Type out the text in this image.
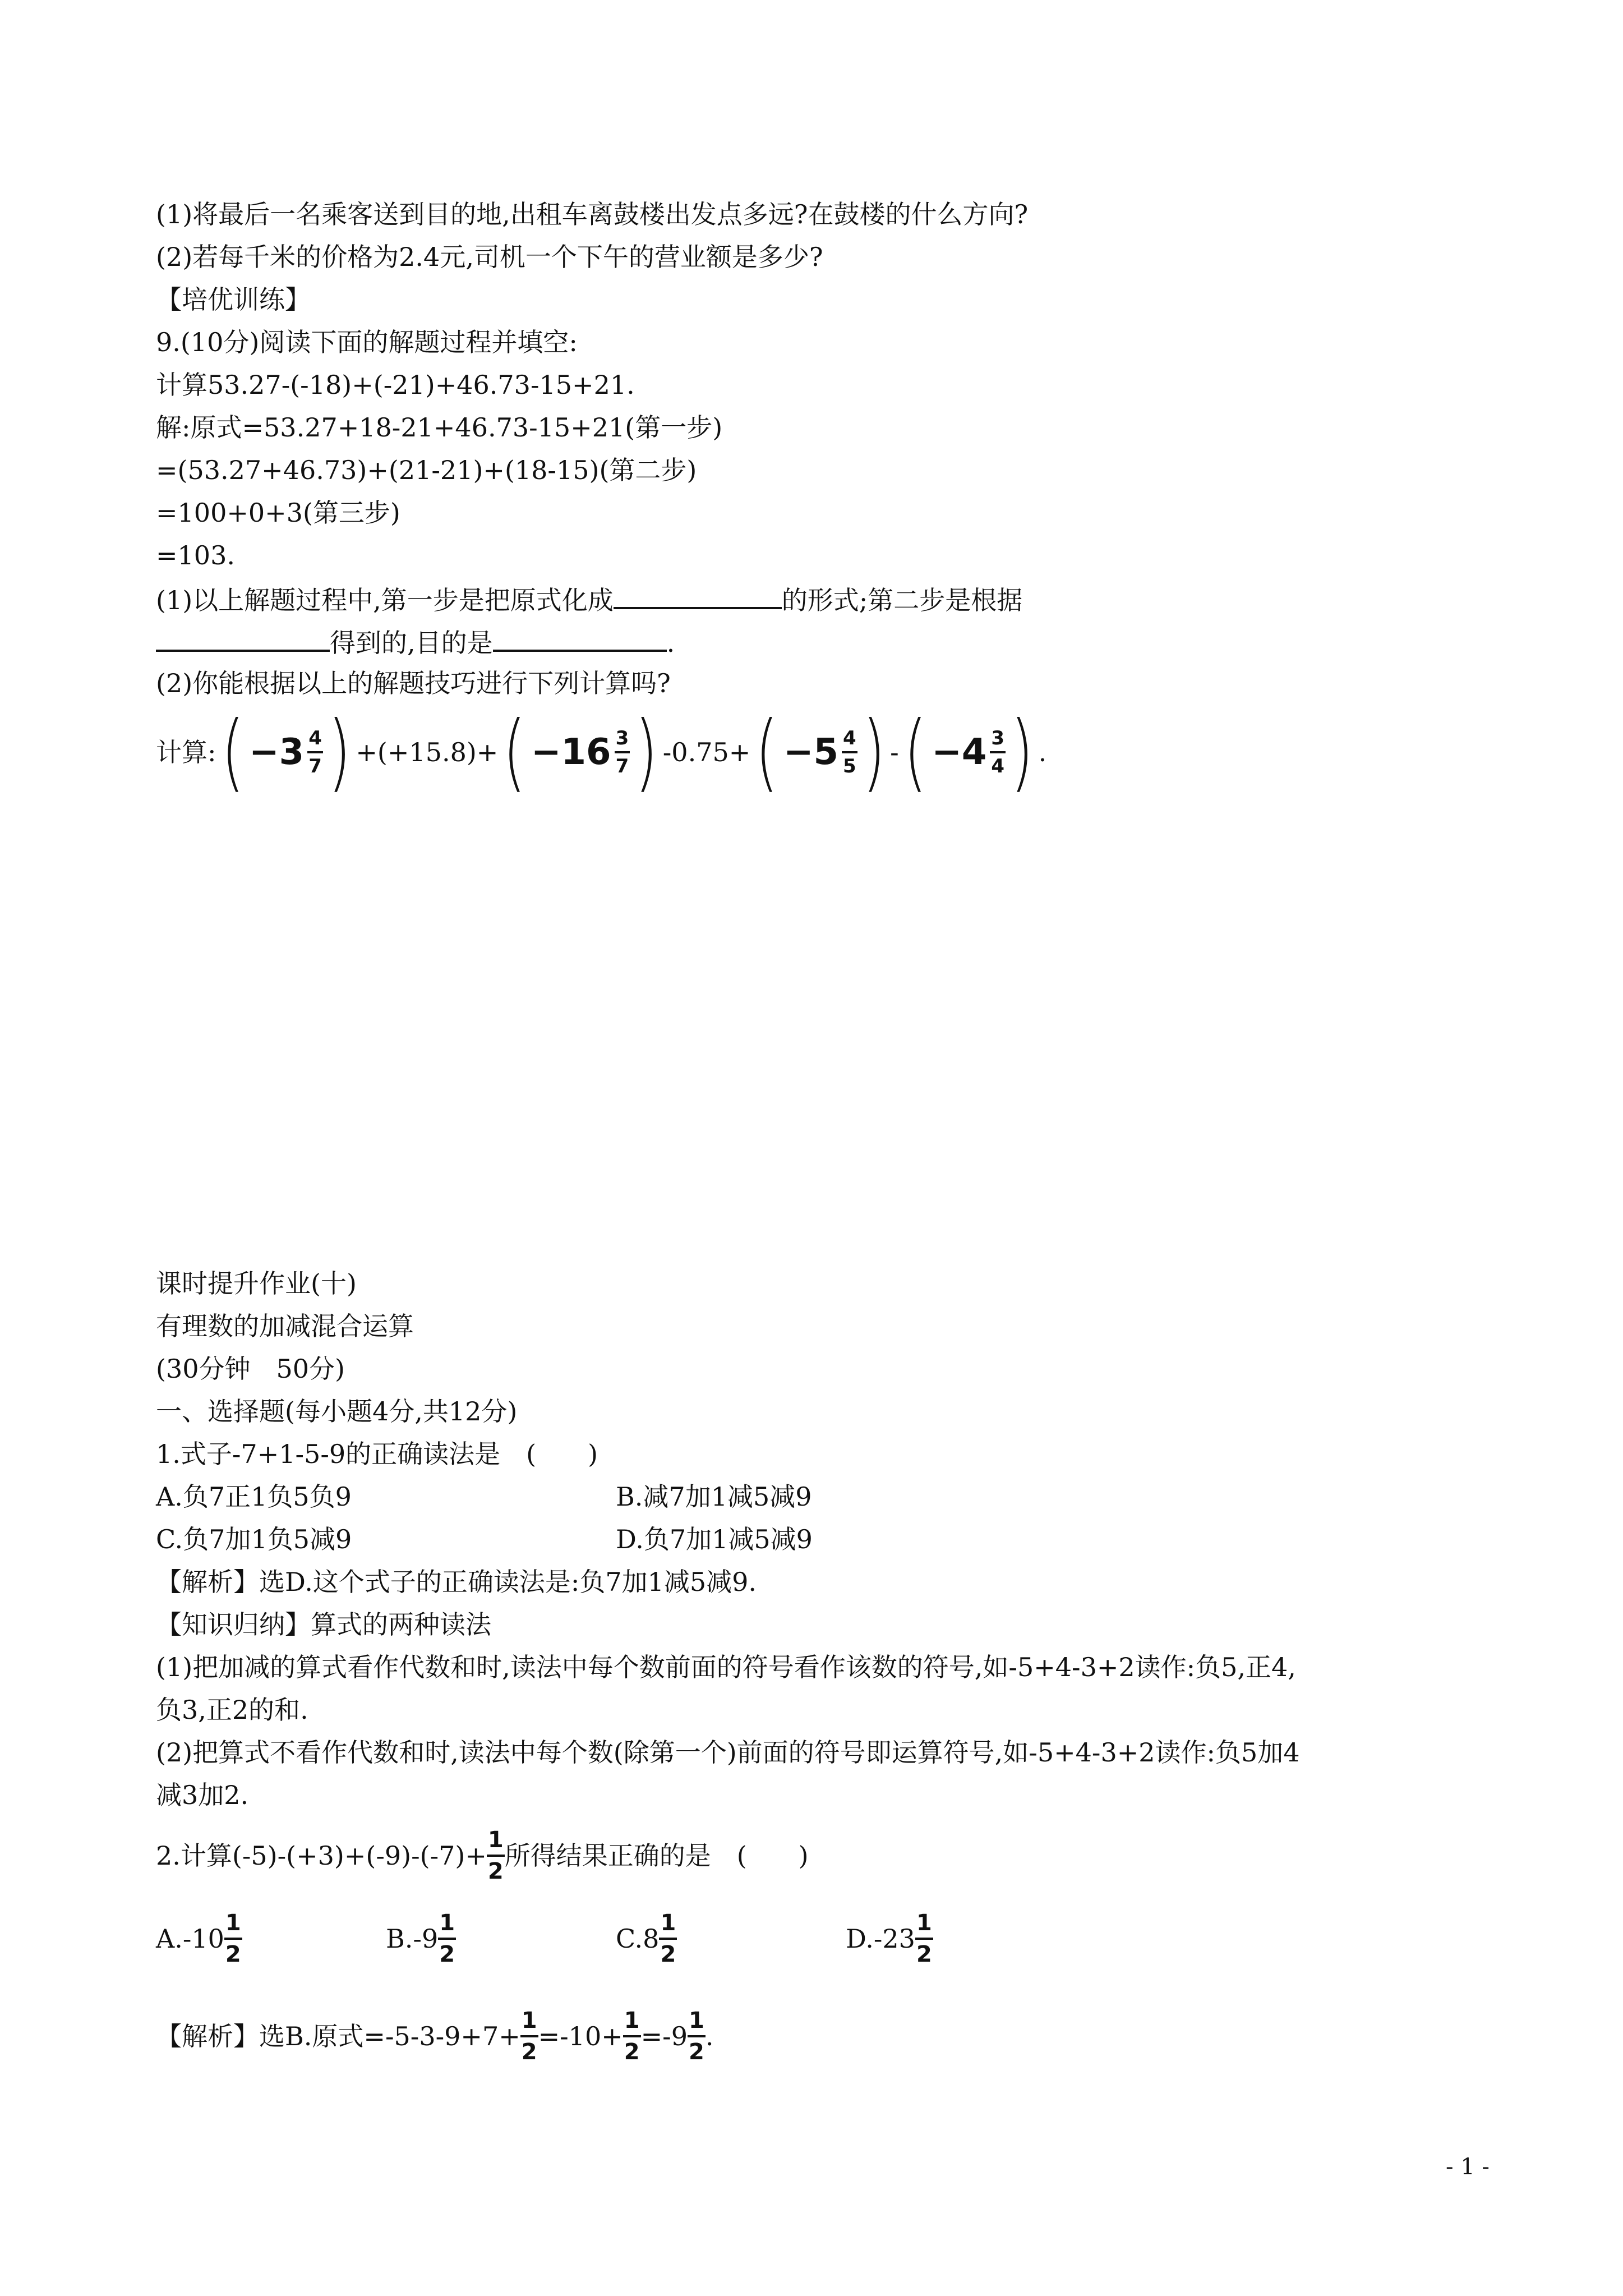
(1)将最后一名乘客送到目的地,出租车离鼓楼出发点多远?在鼓楼的什么方向?
(2)若每千米的价格为2.4元,司机一个下午的营业额是多少?
【培优训练】
9.(10分)阅读下面的解题过程并填空:
计算53.27-(-18)+(-21)+46.73-15+21.
解:原式=53.27+18-21+46.73-15+21(第一步)
=(53.27+46.73)+(21-21)+(18-15)(第二步)
=100+0+3(第三步)
=103.
(1)以上解题过程中,第一步是把原式化成	的形式;第二步是根据
得到的,目的是	.
(2)你能根据以上的解题技巧进行下列计算吗?
计算: ( $-3 \frac{4}{7}$ ) +(+15.8)+ ( $-16 \frac{3}{7}$ ) -0.75+ ( $-5 \frac{4}{5}$ ) - ( $-4 \frac{3}{4}$ ) .
课时提升作业(十)
有理数的加减混合运算
(30分钟　50分)
一、选择题(每小题4分,共12分)
1.式子-7+1-5-9的正确读法是　(　　)
A.负7正1负5负9	B.减7加1减5减9
C.负7加1负5减9	D.负7加1减5减9
【解析】选D.这个式子的正确读法是:负7加1减5减9.
【知识归纳】算式的两种读法
(1)把加减的算式看作代数和时,读法中每个数前面的符号看作该数的符号,如-5+4-3+2读作:负5,正4,
负3,正2的和.
(2)把算式不看作代数和时,读法中每个数(除第一个)前面的符号即运算符号,如-5+4-3+2读作:负5加4
减3加2.
2.计算$(-5)-(+3)+(-9)-(-7)+ \frac{1}{2}$ 所得结果正确的是　(　　)
$A.-10 \frac{1}{2}$	$B.-9 \frac{1}{2}$	$C.8 \frac{1}{2}$	$D.-23 \frac{1}{2}$
【解析】选B.原式$=-5-3-9+7+ \frac{1}{2} =-10+ \frac{1}{2} =-9 \frac{1}{2}$ .
- 1 -
